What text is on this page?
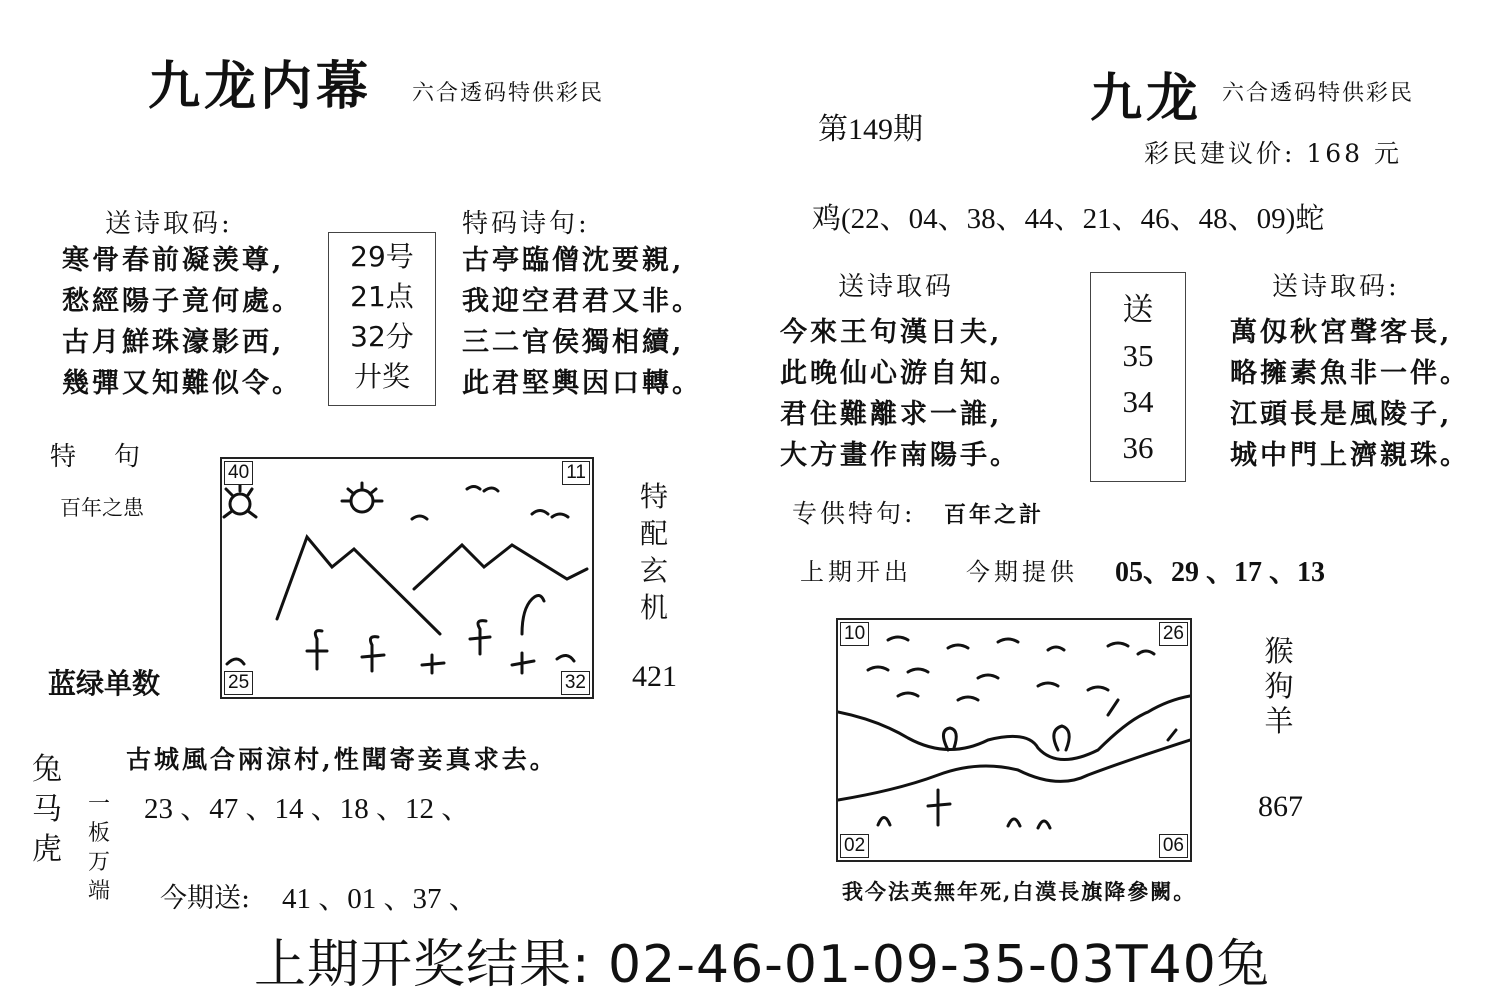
九龙内幕 六合透码特供彩民
送诗取码:
寒骨春前凝羡尊,
愁經陽子竟何處。
古月鮮珠濠影西,
幾彈又知難似令。
29号
21点
32分
廾奖
特码诗句:
古亭臨僧沈要親,
我迎空君君又非。
三二官侯獨相續,
此君堅輿因口轉。
特　句
百年之患
40	11
25	32
特配玄机
蓝绿单数	421
古城風合兩涼村,性聞寄妾真求去。
兔马虎
一板万端
23 、47 、14 、18 、12 、
今期送: 41 、01 、37 、
第149期
九龙 六合透码特供彩民
彩民建议价: 168 元
鸡(22、04、38、44、21、46、48、09)蛇
送诗取码
今來王句漢日夫,
此晚仙心游自知。
君住難離求一誰,
大方畫作南陽手。
送
35
34
36
送诗取码:
萬仭秋宮聲客長,
略擁素魚非一伴。
江頭長是風陵子,
城中門上濟親珠。
专供特句: 百年之計
上期开出 今期提供 05、29 、17 、13
10	26
02	06
猴狗羊
867
我今法英無年死,白漠長旗降參闕。
上期开奖结果: 02-46-01-09-35-03T40兔
